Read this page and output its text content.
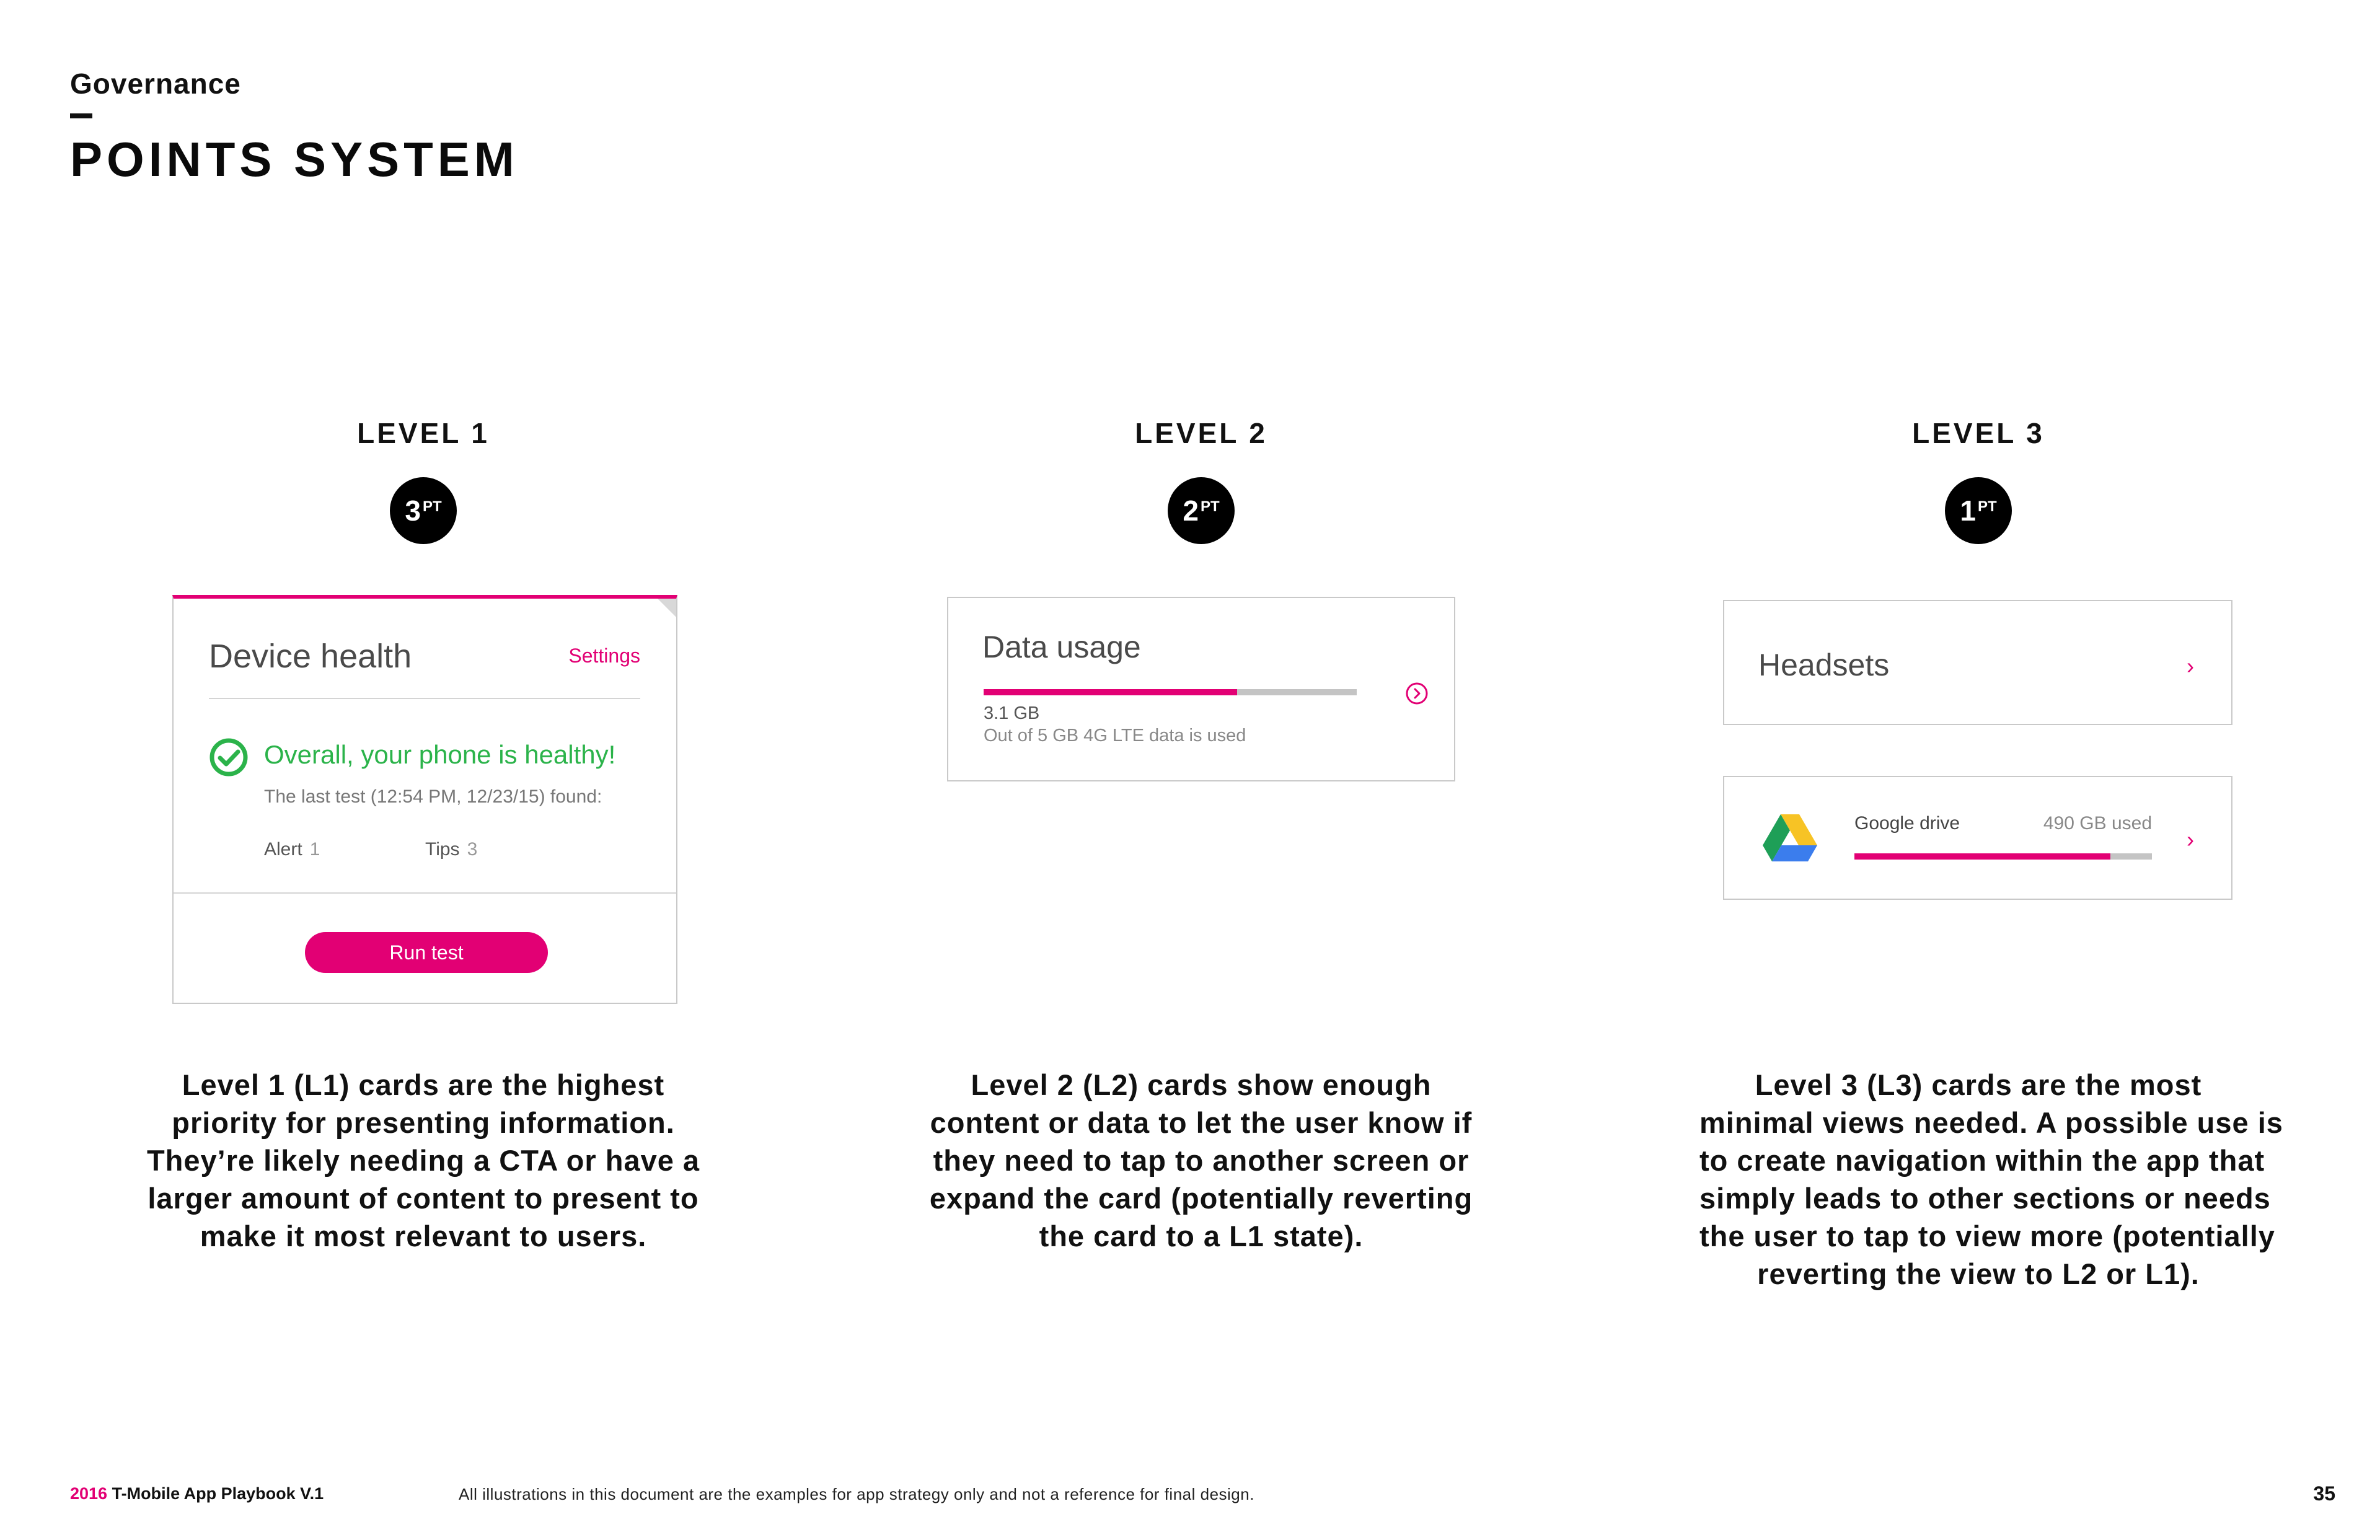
Governance
POINTS SYSTEM
LEVEL 1	LEVEL 2	LEVEL 3
$3^{PT}$	$2^{PT}$	$1^{PT}$
Device health	Settings
Overall, your phone is healthy!
The last test (12:54 PM, 12/23/15) found:
Alert 1	Tips 3
Run test
Data usage
3.1 GB
Out of 5 GB 4G LTE data is used
Headsets	›
Google drive	490 GB used
›
Level 1 (L1) cards are the highest
priority for presenting information.
They’re likely needing a CTA or have a
larger amount of content to present to
make it most relevant to users.
Level 2 (L2) cards show enough
content or data to let the user know if
they need to tap to another screen or
expand the card (potentially reverting
the card to a L1 state).
Level 3 (L3) cards are the most
minimal views needed. A possible use is
to create navigation within the app that
simply leads to other sections or needs
the user to tap to view more (potentially
reverting the view to L2 or L1).
2016 T-Mobile App Playbook V.1	All illustrations in this document are the examples for app strategy only and not a reference for final design.	35
